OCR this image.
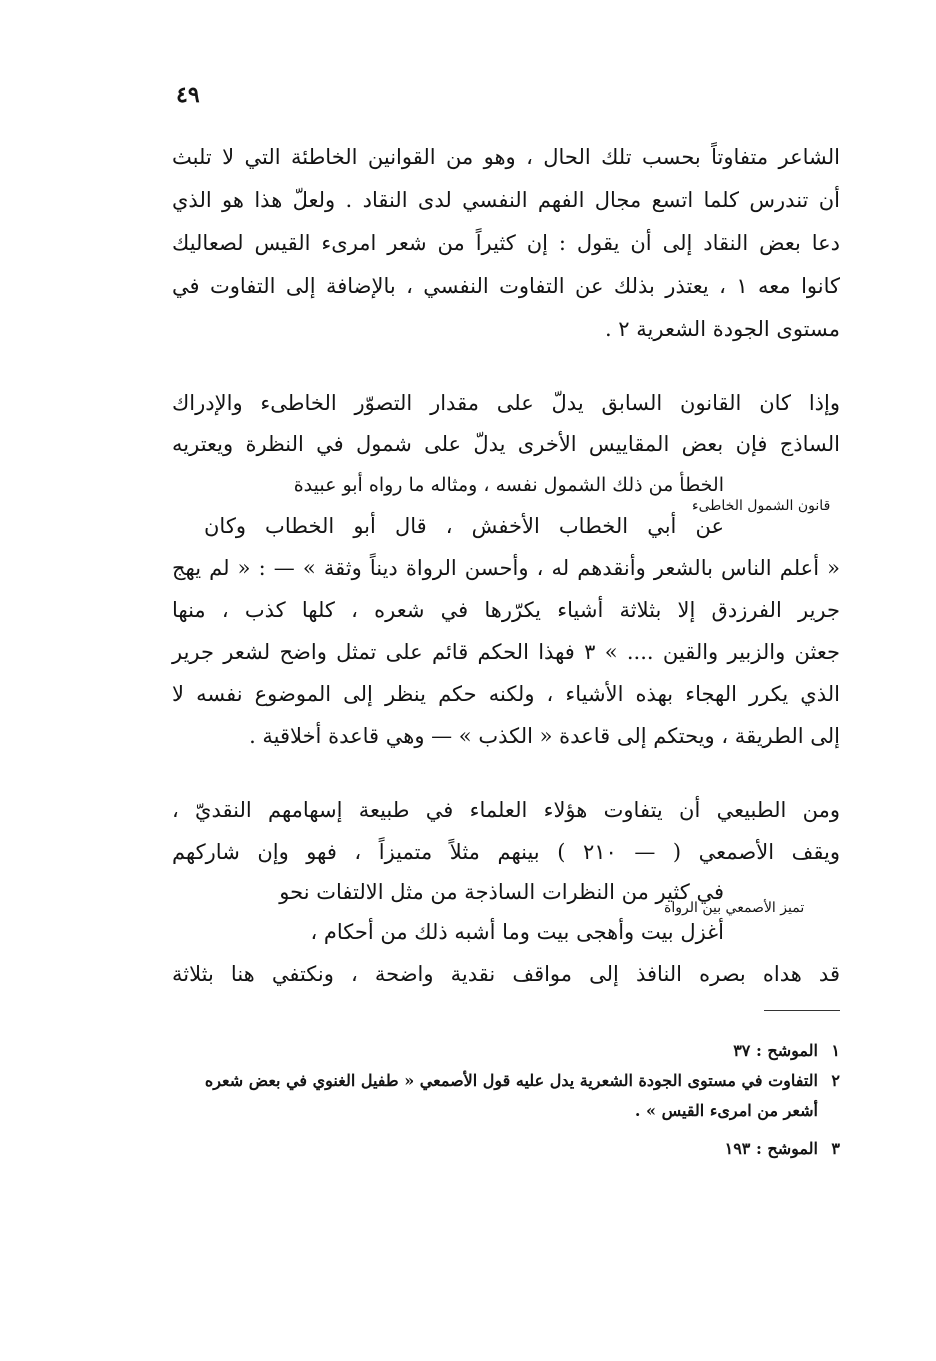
٤٩
الشاعر متفاوتاً بحسب تلك الحال ، وهو من القوانين الخاطئة التي لا تلبث
أن تندرس كلما اتسع مجال الفهم النفسي لدى النقاد . ولعلّ هذا هو الذي
دعا بعض النقاد إلى أن يقول : إن كثيراً من شعر امرىء القيس لصعاليك
كانوا معه ١ ، يعتذر بذلك عن التفاوت النفسي ، بالإضافة إلى التفاوت في
مستوى الجودة الشعرية ٢ .
وإذا كان القانون السابق يدلّ على مقدار التصوّر الخاطىء والإدراك
الساذج فإن بعض المقاييس الأخرى يدلّ على شمول في النظرة ويعتريه
الخطأ من ذلك الشمول نفسه ، ومثاله ما رواه أبو عبيدة
عن أبي الخطاب الأخفش ، قال أبو الخطاب وكان
قانون الشمول الخاطىء
« أعلم الناس بالشعر وأنقدهم له ، وأحسن الرواة ديناً وثقة » — : « لم يهج
جرير الفرزدق إلا بثلاثة أشياء يكرّرها في شعره ، كلها كذب ، منها
جعثن والزبير والقين .... » ٣ فهذا الحكم قائم على تمثل واضح لشعر جرير
الذي يكرر الهجاء بهذه الأشياء ، ولكنه حكم ينظر إلى الموضوع نفسه لا
إلى الطريقة ، ويحتكم إلى قاعدة « الكذب » — وهي قاعدة أخلاقية .
ومن الطبيعي أن يتفاوت هؤلاء العلماء في طبيعة إسهامهم النقديّ ،
ويقف الأصمعي ( — ٢١٠ ) بينهم مثلاً متميزاً ، فهو وإن شاركهم
في كثير من النظرات الساذجة من مثل الالتفات نحو
أغزل بيت وأهجى بيت وما أشبه ذلك من أحكام ،
تميز الأصمعي بين الرواة
قد هداه بصره النافذ إلى مواقف نقدية واضحة ، ونكتفي هنا بثلاثة
١الموشح : ٣٧
٢التفاوت في مستوى الجودة الشعرية يدل عليه قول الأصمعي « طفيل الغنوي في بعض شعره
أشعر من امرىء القيس » .
٣الموشح : ١٩٣
